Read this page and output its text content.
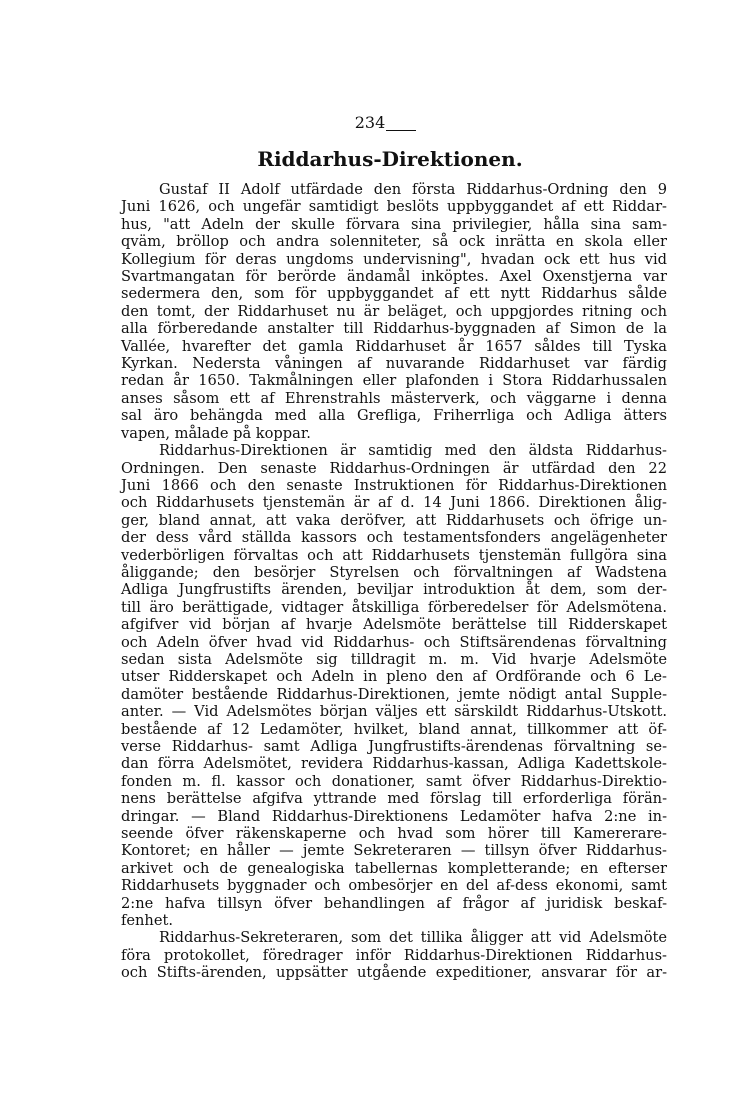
234
Riddarhus-Direktionen.
Gustaf II Adolf utfärdade den första Riddarhus-Ordning den 9
Juni 1626, och ungefär samtidigt beslöts uppbyggandet af ett Riddar-
hus, "att Adeln der skulle förvara sina privilegier, hålla sina sam-
qväm, bröllop och andra solenniteter, så ock inrätta en skola eller
Kollegium för deras ungdoms undervisning", hvadan ock ett hus vid
Svartmangatan för berörde ändamål inköptes. Axel Oxenstjerna var
sedermera den, som för uppbyggandet af ett nytt Riddarhus sålde
den tomt, der Riddarhuset nu är beläget, och uppgjordes ritning och
alla förberedande anstalter till Riddarhus-byggnaden af Simon de la
Vallée, hvarefter det gamla Riddarhuset år 1657 såldes till Tyska
Kyrkan. Nedersta våningen af nuvarande Riddarhuset var färdig
redan år 1650. Takmålningen eller plafonden i Stora Riddarhussalen
anses såsom ett af Ehrenstrahls mästerverk, och väggarne i denna
sal äro behängda med alla Grefliga, Friherrliga och Adliga ätters
vapen, målade på koppar.
Riddarhus-Direktionen är samtidig med den äldsta Riddarhus-
Ordningen. Den senaste Riddarhus-Ordningen är utfärdad den 22
Juni 1866 och den senaste Instruktionen för Riddarhus-Direktionen
och Riddarhusets tjenstemän är af d. 14 Juni 1866. Direktionen ålig-
ger, bland annat, att vaka deröfver, att Riddarhusets och öfrige un-
der dess vård ställda kassors och testamentsfonders angelägenheter
vederbörligen förvaltas och att Riddarhusets tjenstemän fullgöra sina
åliggande; den besörjer Styrelsen och förvaltningen af Wadstena
Adliga Jungfrustifts ärenden, beviljar introduktion åt dem, som der-
till äro berättigade, vidtager åtskilliga förberedelser för Adelsmötena.
afgifver vid början af hvarje Adelsmöte berättelse till Ridderskapet
och Adeln öfver hvad vid Riddarhus- och Stiftsärendenas förvaltning
sedan sista Adelsmöte sig tilldragit m. m. Vid hvarje Adelsmöte
utser Ridderskapet och Adeln in pleno den af Ordförande och 6 Le-
damöter bestående Riddarhus-Direktionen, jemte nödigt antal Supple-
anter. — Vid Adelsmötes början väljes ett särskildt Riddarhus-Utskott.
bestående af 12 Ledamöter, hvilket, bland annat, tillkommer att öf-
verse Riddarhus- samt Adliga Jungfrustifts-ärendenas förvaltning se-
dan förra Adelsmötet, revidera Riddarhus-kassan, Adliga Kadettskole-
fonden m. fl. kassor och donationer, samt öfver Riddarhus-Direktio-
nens berättelse afgifva yttrande med förslag till erforderliga förän-
dringar. — Bland Riddarhus-Direktionens Ledamöter hafva 2:ne in-
seende öfver räkenskaperne och hvad som hörer till Kamererare-
Kontoret; en håller — jemte Sekreteraren — tillsyn öfver Riddarhus-
arkivet och de genealogiska tabellernas kompletterande; en efterser
Riddarhusets byggnader och ombesörjer en del af-dess ekonomi, samt
2:ne hafva tillsyn öfver behandlingen af frågor af juridisk beskaf-
fenhet.
Riddarhus-Sekreteraren, som det tillika åligger att vid Adelsmöte
föra protokollet, föredrager inför Riddarhus-Direktionen Riddarhus-
och Stifts-ärenden, uppsätter utgående expeditioner, ansvarar för ar-
